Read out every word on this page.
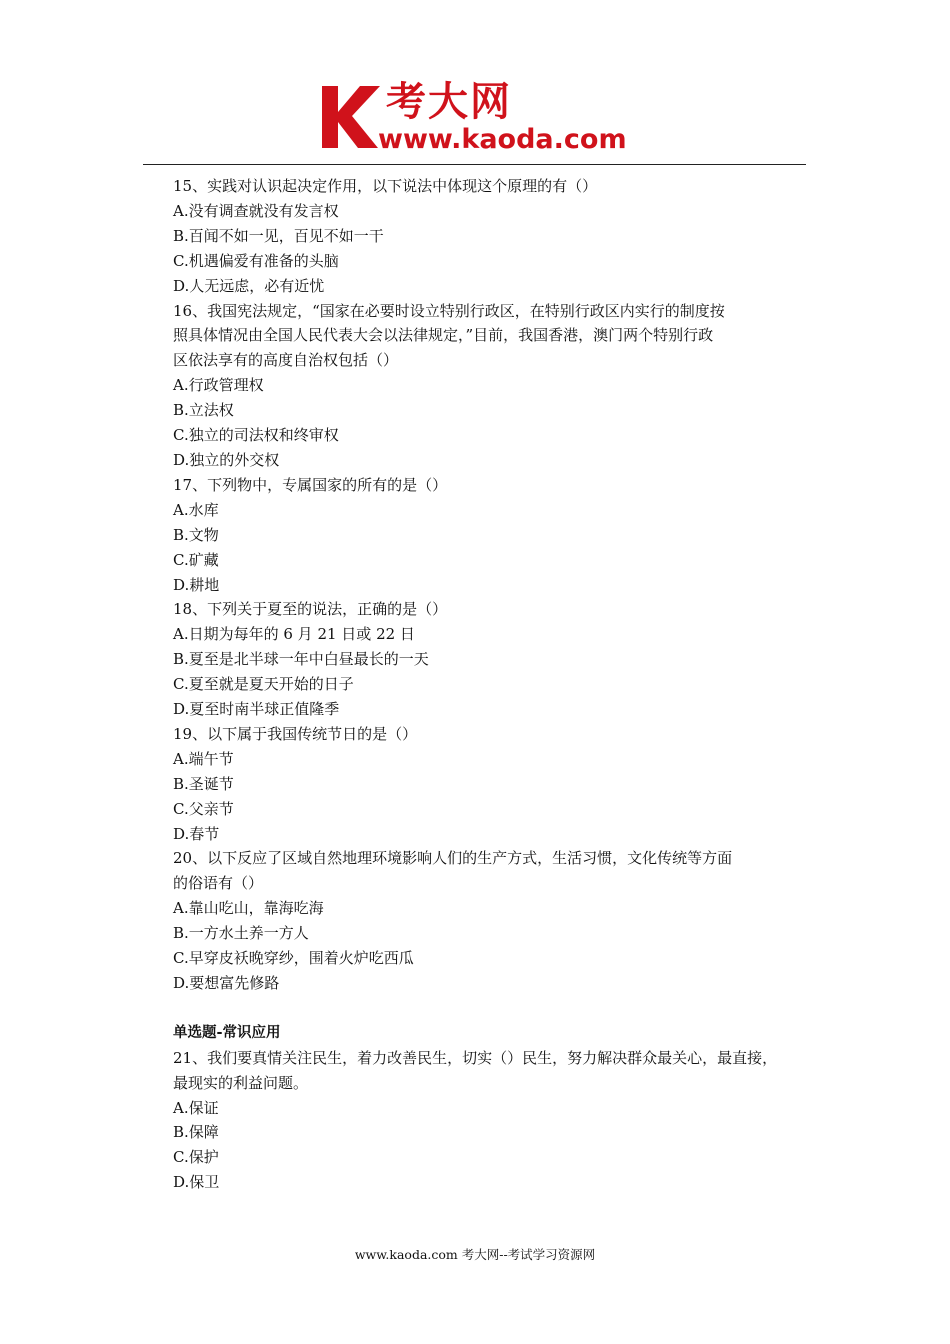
考大网
www.kaoda.com

15、实践对认识起决定作用，以下说法中体现这个原理的有（）

A.没有调查就没有发言权

B.百闻不如一见，百见不如一干

C.机遇偏爱有准备的头脑

D.人无远虑，必有近忧

16、我国宪法规定，“国家在必要时设立特别行政区，在特别行政区内实行的制度按

照具体情况由全国人民代表大会以法律规定，”目前，我国香港，澳门两个特别行政

区依法享有的高度自治权包括（）

A.行政管理权

B.立法权

C.独立的司法权和终审权

D.独立的外交权

17、下列物中，专属国家的所有的是（）

A.水库

B.文物

C.矿藏

D.耕地

18、下列关于夏至的说法，正确的是（）

A.日期为每年的 6 月 21 日或 22 日

B.夏至是北半球一年中白昼最长的一天

C.夏至就是夏天开始的日子

D.夏至时南半球正值隆季

19、以下属于我国传统节日的是（）

A.端午节

B.圣诞节

C.父亲节

D.春节

20、以下反应了区域自然地理环境影响人们的生产方式，生活习惯，文化传统等方面

的俗语有（）

A.靠山吃山，靠海吃海

B.一方水土养一方人

C.早穿皮袄晚穿纱，围着火炉吃西瓜

D.要想富先修路

单选题-常识应用

21、我们要真情关注民生，着力改善民生，切实（）民生，努力解决群众最关心，最直接，

最现实的利益问题。

A.保证

B.保障

C.保护

D.保卫

www.kaoda.com 考大网--考试学习资源网
